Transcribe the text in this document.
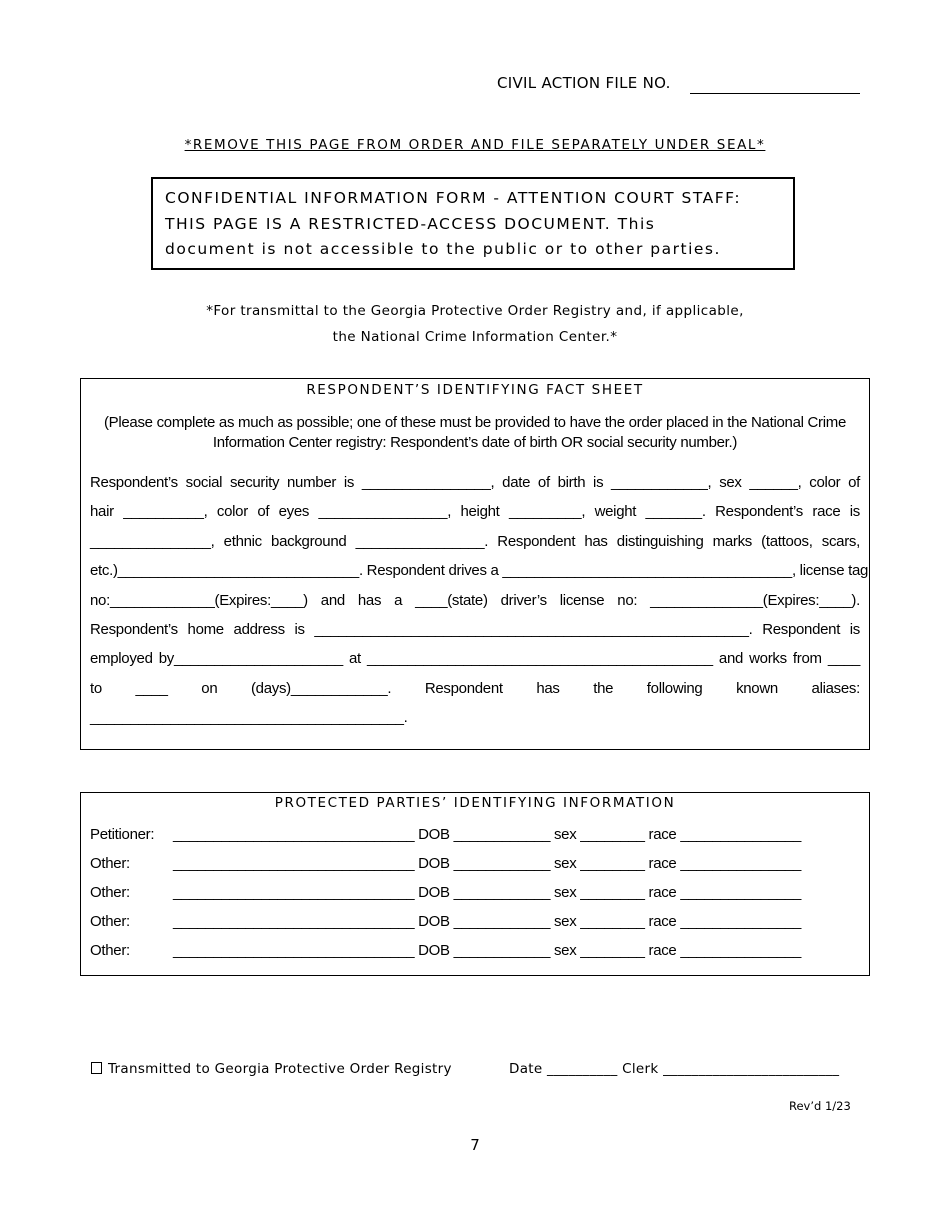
CIVIL ACTION FILE NO.
*REMOVE THIS PAGE FROM ORDER AND FILE SEPARATELY UNDER SEAL*
CONFIDENTIAL INFORMATION FORM - ATTENTION COURT STAFF:
THIS PAGE IS A RESTRICTED-ACCESS DOCUMENT. This
document is not accessible to the public or to other parties.
*For transmittal to the Georgia Protective Order Registry and, if applicable,
the National Crime Information Center.*
RESPONDENT’S IDENTIFYING FACT SHEET
(Please complete as much as possible; one of these must be provided to have the order placed in the National Crime Information Center registry: Respondent’s date of birth OR social security number.)
Respondent’s social security number is ________________, date of birth is ____________, sex ______, color of
hair __________, color of eyes ________________, height _________, weight _______. Respondent’s race is
_______________, ethnic background ________________. Respondent has distinguishing marks (tattoos, scars,
etc.)______________________________. Respondent drives a ____________________________________, license tag
no:_____________(Expires:____) and has a ____(state) driver’s license no: ______________(Expires:____).
Respondent’s home address is ______________________________________________________. Respondent is
employed by_____________________ at ___________________________________________ and works from ____
to ____ on (days)____________. Respondent has the following known aliases:
_______________________________________.
PROTECTED PARTIES’ IDENTIFYING INFORMATION
Petitioner: ______________________________ DOB ____________ sex ________ race _______________
Other:	______________________________ DOB ____________ sex ________ race _______________
Other:	______________________________ DOB ____________ sex ________ race _______________
Other:	______________________________ DOB ____________ sex ________ race _______________
Other:	______________________________ DOB ____________ sex ________ race _______________
Transmitted to Georgia Protective Order Registry	Date __________ Clerk _________________________
Rev’d 1/23
7
